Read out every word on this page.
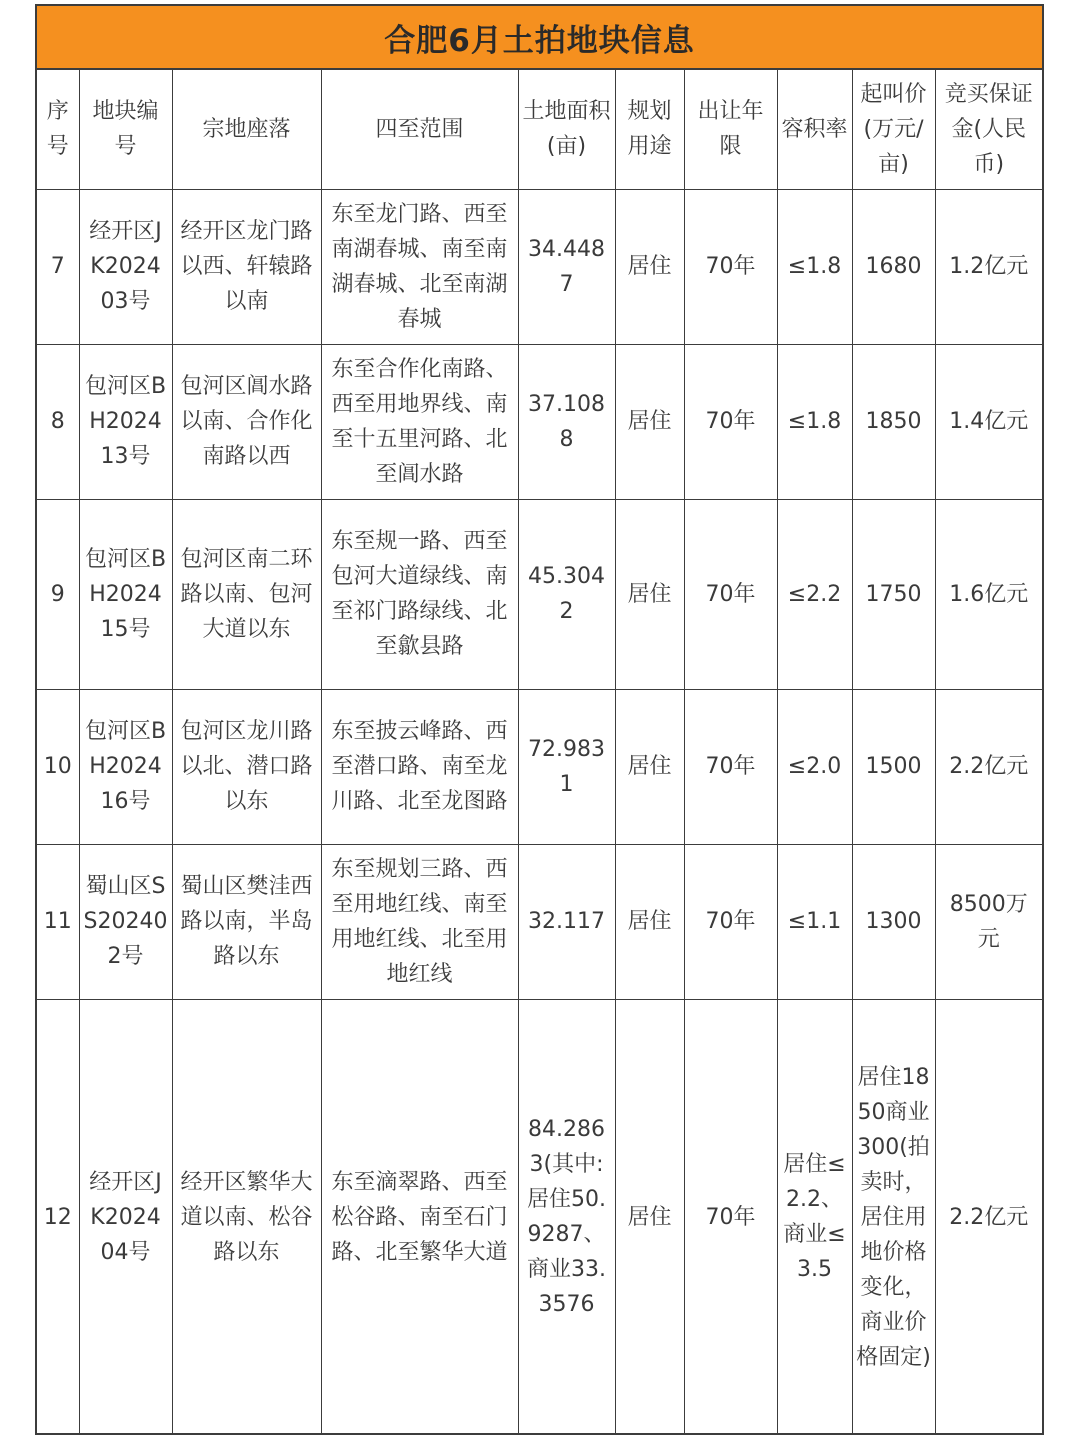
合肥6月土拍地块信息
序号	地块编号	宗地座落	四至范围	土地面积(亩)	规划用途	出让年限	容积率	起叫价(万元/亩)	竞买保证金(人民币)
7	经开区JK202403号	经开区龙门路以西、轩辕路以南	东至龙门路、西至南湖春城、南至南湖春城、北至南湖春城	34.4487	居住	70年	≤1.8	1680	1.2亿元
8	包河区BH202413号	包河区阊水路以南、合作化南路以西	东至合作化南路、西至用地界线、南至十五里河路、北至阊水路	37.1088	居住	70年	≤1.8	1850	1.4亿元
9	包河区BH202415号	包河区南二环路以南、包河大道以东	东至规一路、西至包河大道绿线、南至祁门路绿线、北至歙县路	45.3042	居住	70年	≤2.2	1750	1.6亿元
10	包河区BH202416号	包河区龙川路以北、潜口路以东	东至披云峰路、西至潜口路、南至龙川路、北至龙图路	72.9831	居住	70年	≤2.0	1500	2.2亿元
11	蜀山区SS202402号	蜀山区樊洼西路以南，半岛路以东	东至规划三路、西至用地红线、南至用地红线、北至用地红线	32.117	居住	70年	≤1.1	1300	8500万元
12	经开区JK202404号	经开区繁华大道以南、松谷路以东	东至滴翠路、西至松谷路、南至石门路、北至繁华大道	84.2863(其中:居住50.9287、商业33.3576	居住	70年	居住≤2.2、商业≤3.5	居住1850商业300(拍卖时，居住用地价格变化，商业价格固定)	2.2亿元
